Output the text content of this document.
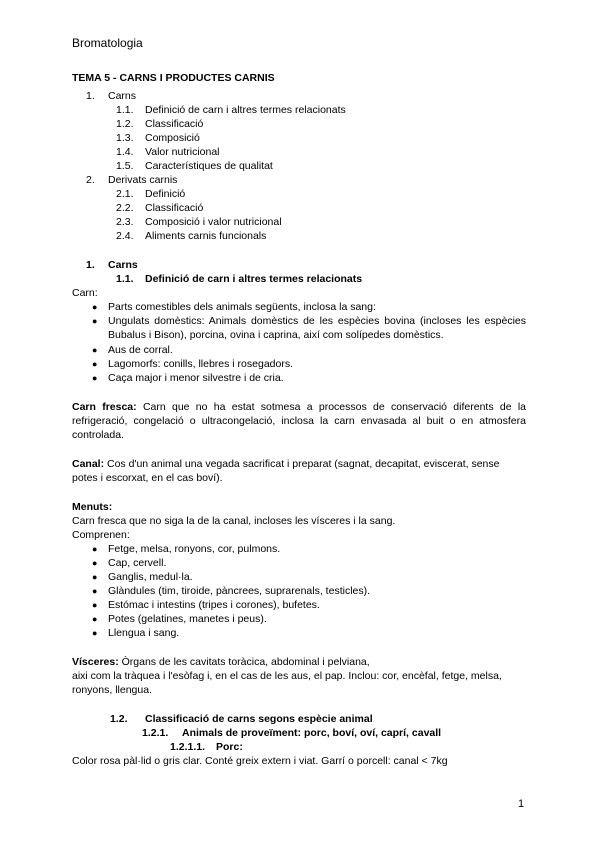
Bromatologia
TEMA 5 - CARNS I PRODUCTES CARNIS
1. Carns
1.1. Definició de carn i altres termes relacionats
1.2. Classificació
1.3. Composició
1.4. Valor nutricional
1.5. Característiques de qualitat
2. Derivats carnis
2.1. Definició
2.2. Classificació
2.3. Composició i valor nutricional
2.4. Aliments carnis funcionals
1. Carns
1.1. Definició de carn i altres termes relacionats
Carn:
● Parts comestibles dels animals següents, inclosa la sang:
● Ungulats domèstics: Animals domèstics de les espècies bovina (incloses les espècies Bubalus i Bison), porcina, ovina i caprina, així com solípedes domèstics.
● Aus de corral.
● Lagomorfs: conills, llebres i rosegadors.
● Caça major i menor silvestre i de cria.
Carn fresca: Carn que no ha estat sotmesa a processos de conservació diferents de la refrigeració, congelació o ultracongelació, inclosa la carn envasada al buit o en atmosfera controlada.
Canal: Cos d'un animal una vegada sacrificat i preparat (sagnat, decapitat, eviscerat, sense potes i escorxat, en el cas boví).
Menuts:
Carn fresca que no siga la de la canal, incloses les vísceres i la sang.
Comprenen:
● Fetge, melsa, ronyons, cor, pulmons.
● Cap, cervell.
● Ganglis, medul·la.
● Glàndules (tim, tiroide, pàncrees, suprarenals, testicles).
● Estómac i intestins (tripes i corones), bufetes.
● Potes (gelatines, manetes i peus).
● Llengua i sang.
Vísceres: Òrgans de les cavitats toràcica, abdominal i pelviana,
aixi com la tràquea i l'esòfag i, en el cas de les aus, el pap. Inclou: cor, encèfal, fetge, melsa,
ronyons, llengua.
1.2. Classificació de carns segons espècie animal
1.2.1. Animals de proveïment: porc, boví, oví, caprí, cavall
1.2.1.1. Porc:
Color rosa pàl·lid o gris clar. Conté greix extern i viat. Garrí o porcell: canal < 7kg
1
